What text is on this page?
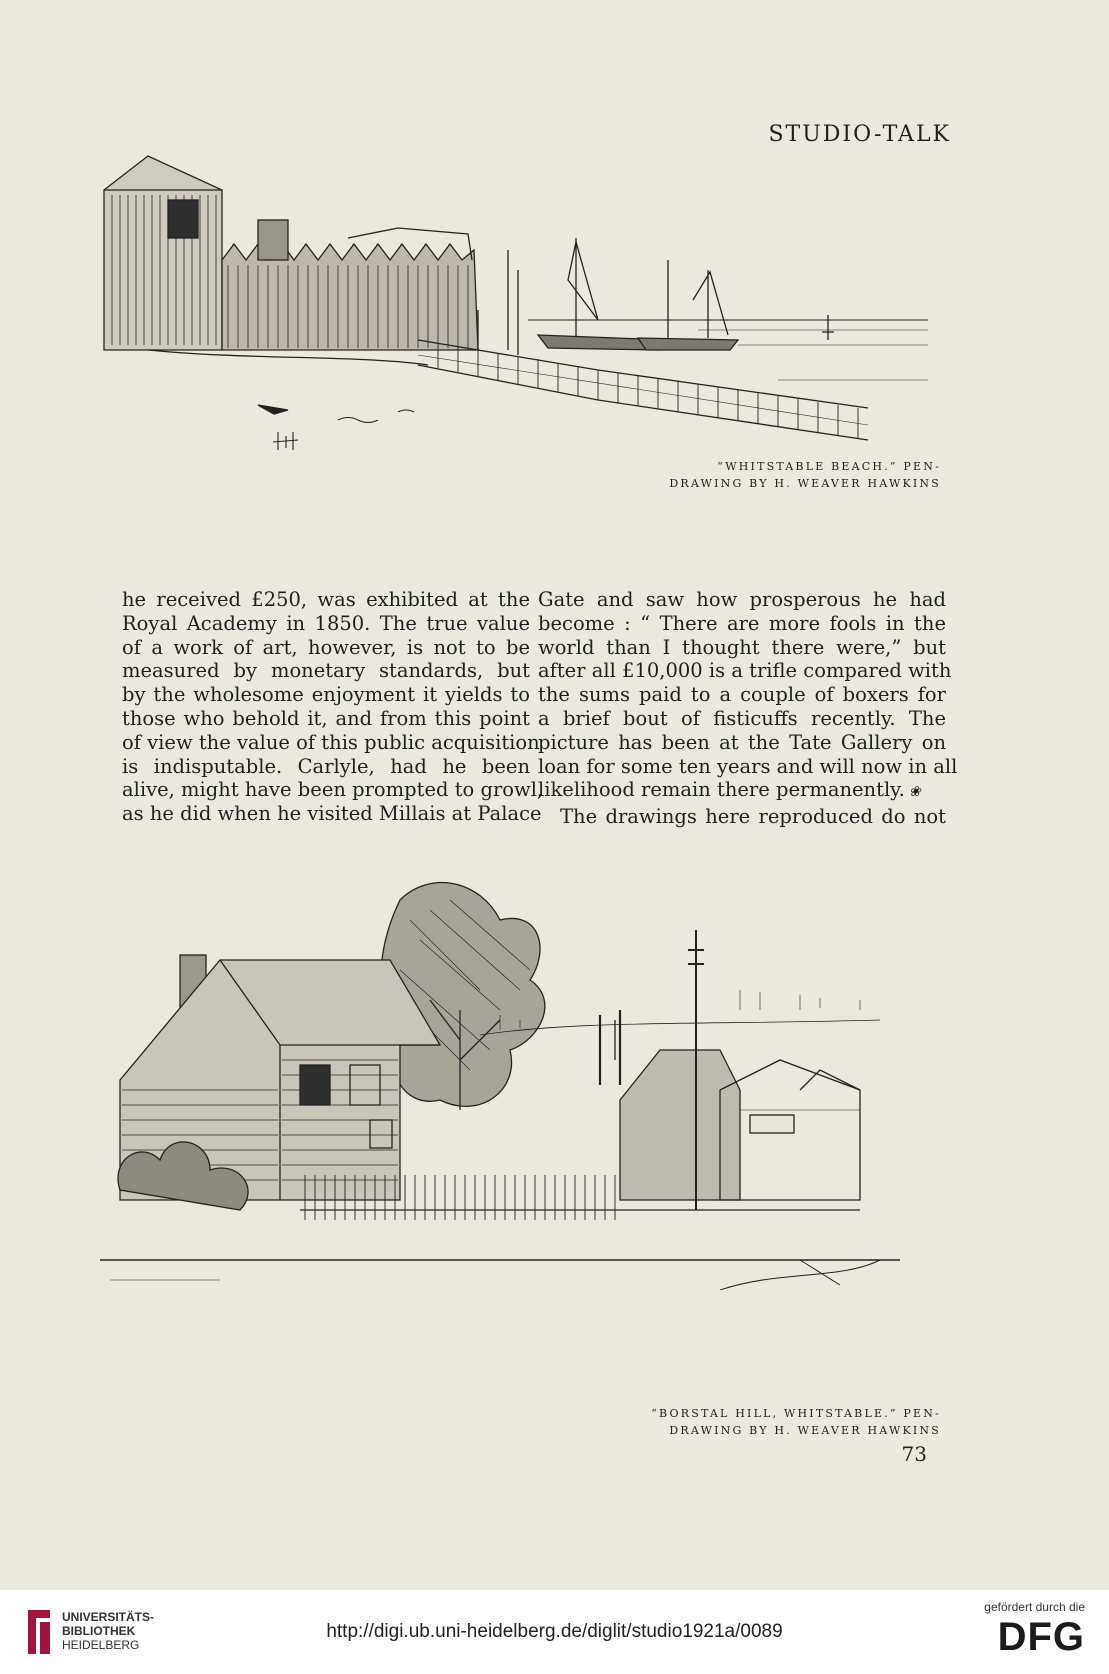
STUDIO-TALK
“WHITSTABLE BEACH.” PEN-
DRAWING BY H. WEAVER HAWKINS
he received £250, was exhibited at the
Royal Academy in 1850. The true value
of a work of art, however, is not to be
measured by monetary standards, but
by the wholesome enjoyment it yields to
those who behold it, and from this point
of view the value of this public acquisition
is indisputable. Carlyle, had he been
alive, might have been prompted to growl,
as he did when he visited Millais at Palace
Gate and saw how prosperous he had
become : “ There are more fools in the
world than I thought there were,” but
after all £10,000 is a trifle compared with
the sums paid to a couple of boxers for
a brief bout of fisticuffs recently. The
picture has been at the Tate Gallery on
loan for some ten years and will now in all
likelihood remain there permanently. ❀
The drawings here reproduced do not
“BORSTAL HILL, WHITSTABLE.” PEN-
DRAWING BY H. WEAVER HAWKINS
73
UNIVERSITÄTS-
BIBLIOTHEK
HEIDELBERG
http://digi.ub.uni-heidelberg.de/diglit/studio1921a/0089
gefördert durch die
DFG
